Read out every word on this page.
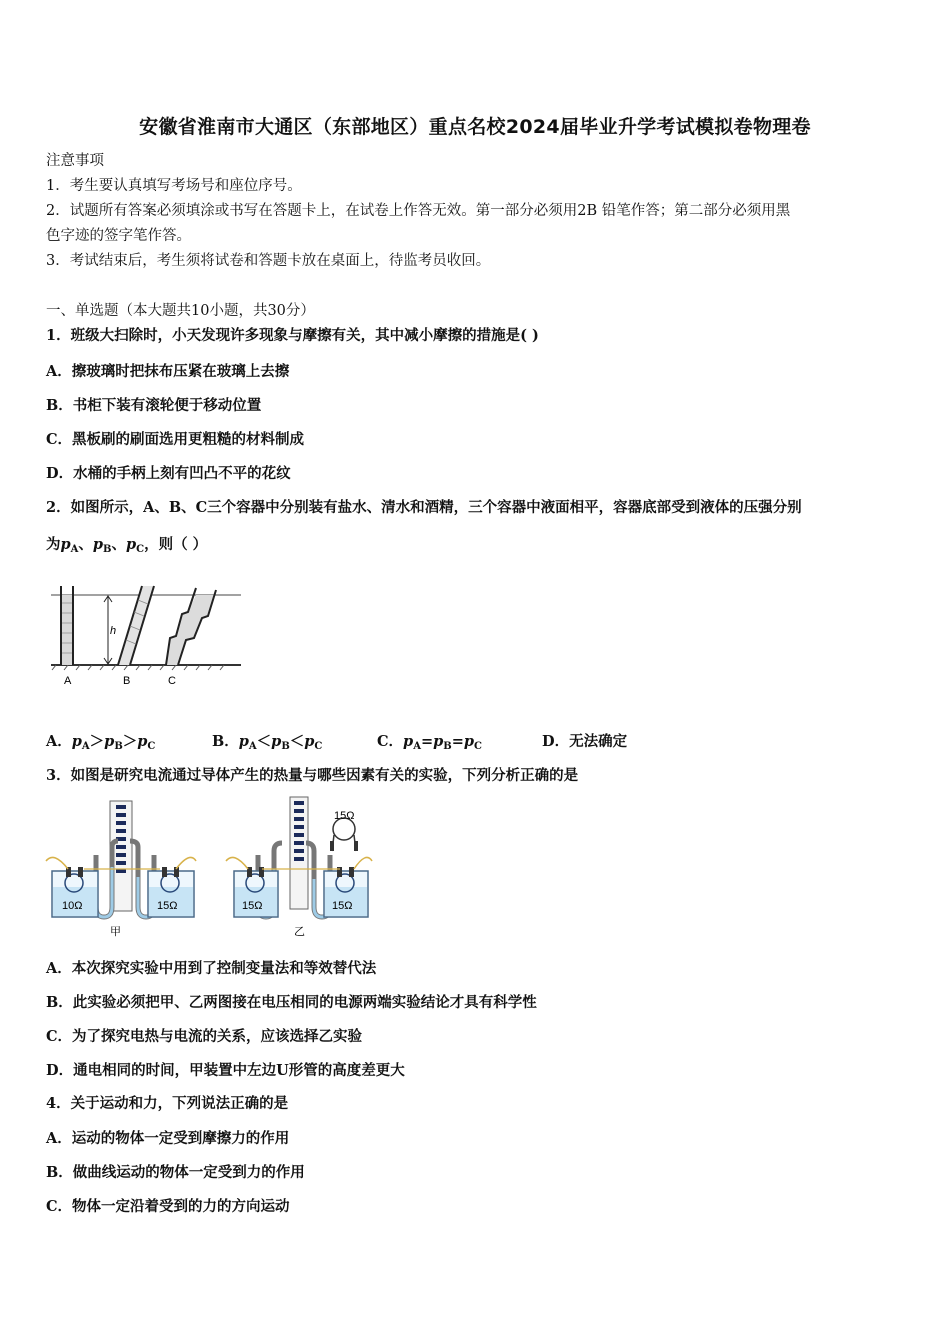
安徽省淮南市大通区（东部地区）重点名校2024届毕业升学考试模拟卷物理卷
注意事项
1．考生要认真填写考场号和座位序号。
2．试题所有答案必须填涂或书写在答题卡上，在试卷上作答无效。第一部分必须用2B 铅笔作答；第二部分必须用黑
色字迹的签字笔作答。
3．考试结束后，考生须将试卷和答题卡放在桌面上，待监考员收回。
一、单选题（本大题共10小题，共30分）
1．班级大扫除时，小天发现许多现象与摩擦有关，其中减小摩擦的措施是( )
A．擦玻璃时把抹布压紧在玻璃上去擦
B．书柜下装有滚轮便于移动位置
C．黑板刷的刷面选用更粗糙的材料制成
D．水桶的手柄上刻有凹凸不平的花纹
2．如图所示，A、B、C三个容器中分别装有盐水、清水和酒精，三个容器中液面相平，容器底部受到液体的压强分别
为$p_A$、$p_B$、$p_C$，则（ ）
h
A	B	C
A．$p_A>p_B>p_C$	B．$p_A<p_B<p_C$	C．$p_A=p_B=p_C$	D．无法确定
3．如图是研究电流通过导体产生的热量与哪些因素有关的实验，下列分析正确的是
10Ω	15Ω
甲
15Ω	15Ω
15Ω
乙
A．本次探究实验中用到了控制变量法和等效替代法
B．此实验必须把甲、乙两图接在电压相同的电源两端实验结论才具有科学性
C．为了探究电热与电流的关系，应该选择乙实验
D．通电相同的时间，甲装置中左边U形管的高度差更大
4．关于运动和力，下列说法正确的是
A．运动的物体一定受到摩擦力的作用
B．做曲线运动的物体一定受到力的作用
C．物体一定沿着受到的力的方向运动
